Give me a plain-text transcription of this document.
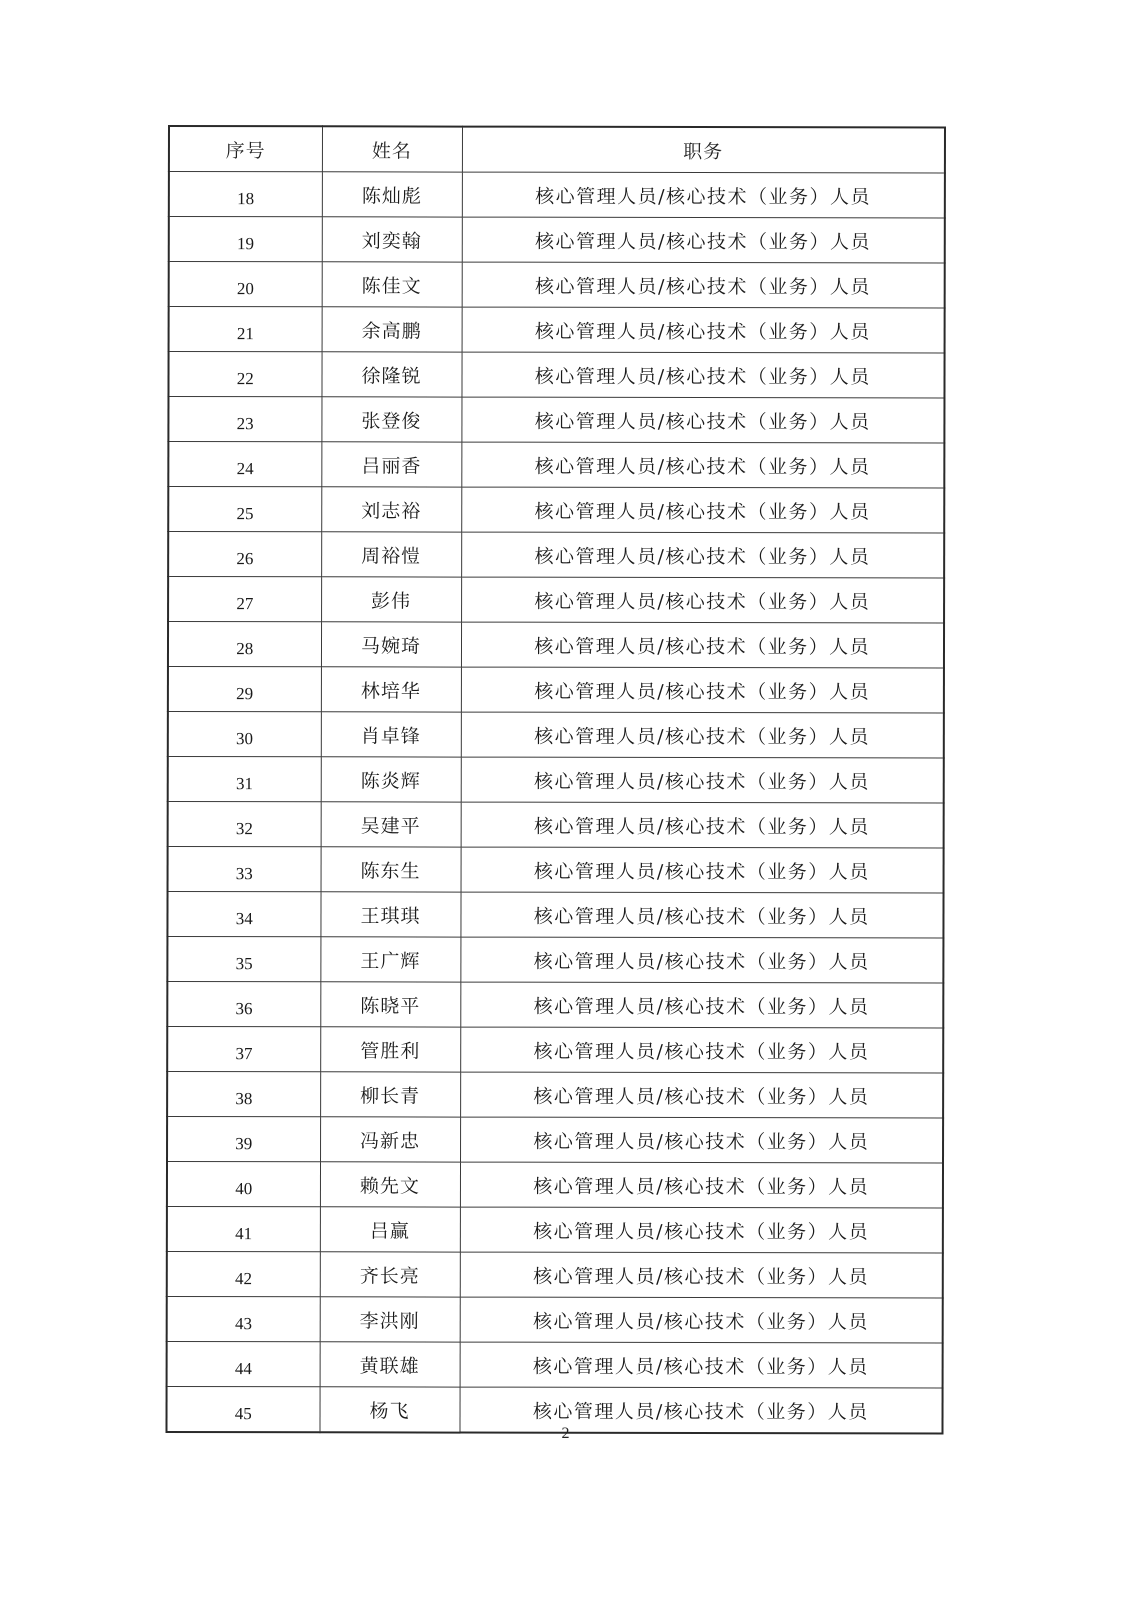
序号	姓名	职务
18	陈灿彪	核心管理人员/核心技术（业务）人员
19	刘奕翰	核心管理人员/核心技术（业务）人员
20	陈佳文	核心管理人员/核心技术（业务）人员
21	余高鹏	核心管理人员/核心技术（业务）人员
22	徐隆锐	核心管理人员/核心技术（业务）人员
23	张登俊	核心管理人员/核心技术（业务）人员
24	吕丽香	核心管理人员/核心技术（业务）人员
25	刘志裕	核心管理人员/核心技术（业务）人员
26	周裕愷	核心管理人员/核心技术（业务）人员
27	彭伟	核心管理人员/核心技术（业务）人员
28	马婉琦	核心管理人员/核心技术（业务）人员
29	林培华	核心管理人员/核心技术（业务）人员
30	肖卓锋	核心管理人员/核心技术（业务）人员
31	陈炎辉	核心管理人员/核心技术（业务）人员
32	吴建平	核心管理人员/核心技术（业务）人员
33	陈东生	核心管理人员/核心技术（业务）人员
34	王琪琪	核心管理人员/核心技术（业务）人员
35	王广辉	核心管理人员/核心技术（业务）人员
36	陈晓平	核心管理人员/核心技术（业务）人员
37	管胜利	核心管理人员/核心技术（业务）人员
38	柳长青	核心管理人员/核心技术（业务）人员
39	冯新忠	核心管理人员/核心技术（业务）人员
40	赖先文	核心管理人员/核心技术（业务）人员
41	吕赢	核心管理人员/核心技术（业务）人员
42	齐长亮	核心管理人员/核心技术（业务）人员
43	李洪刚	核心管理人员/核心技术（业务）人员
44	黄联雄	核心管理人员/核心技术（业务）人员
45	杨飞	核心管理人员/核心技术（业务）人员
2
